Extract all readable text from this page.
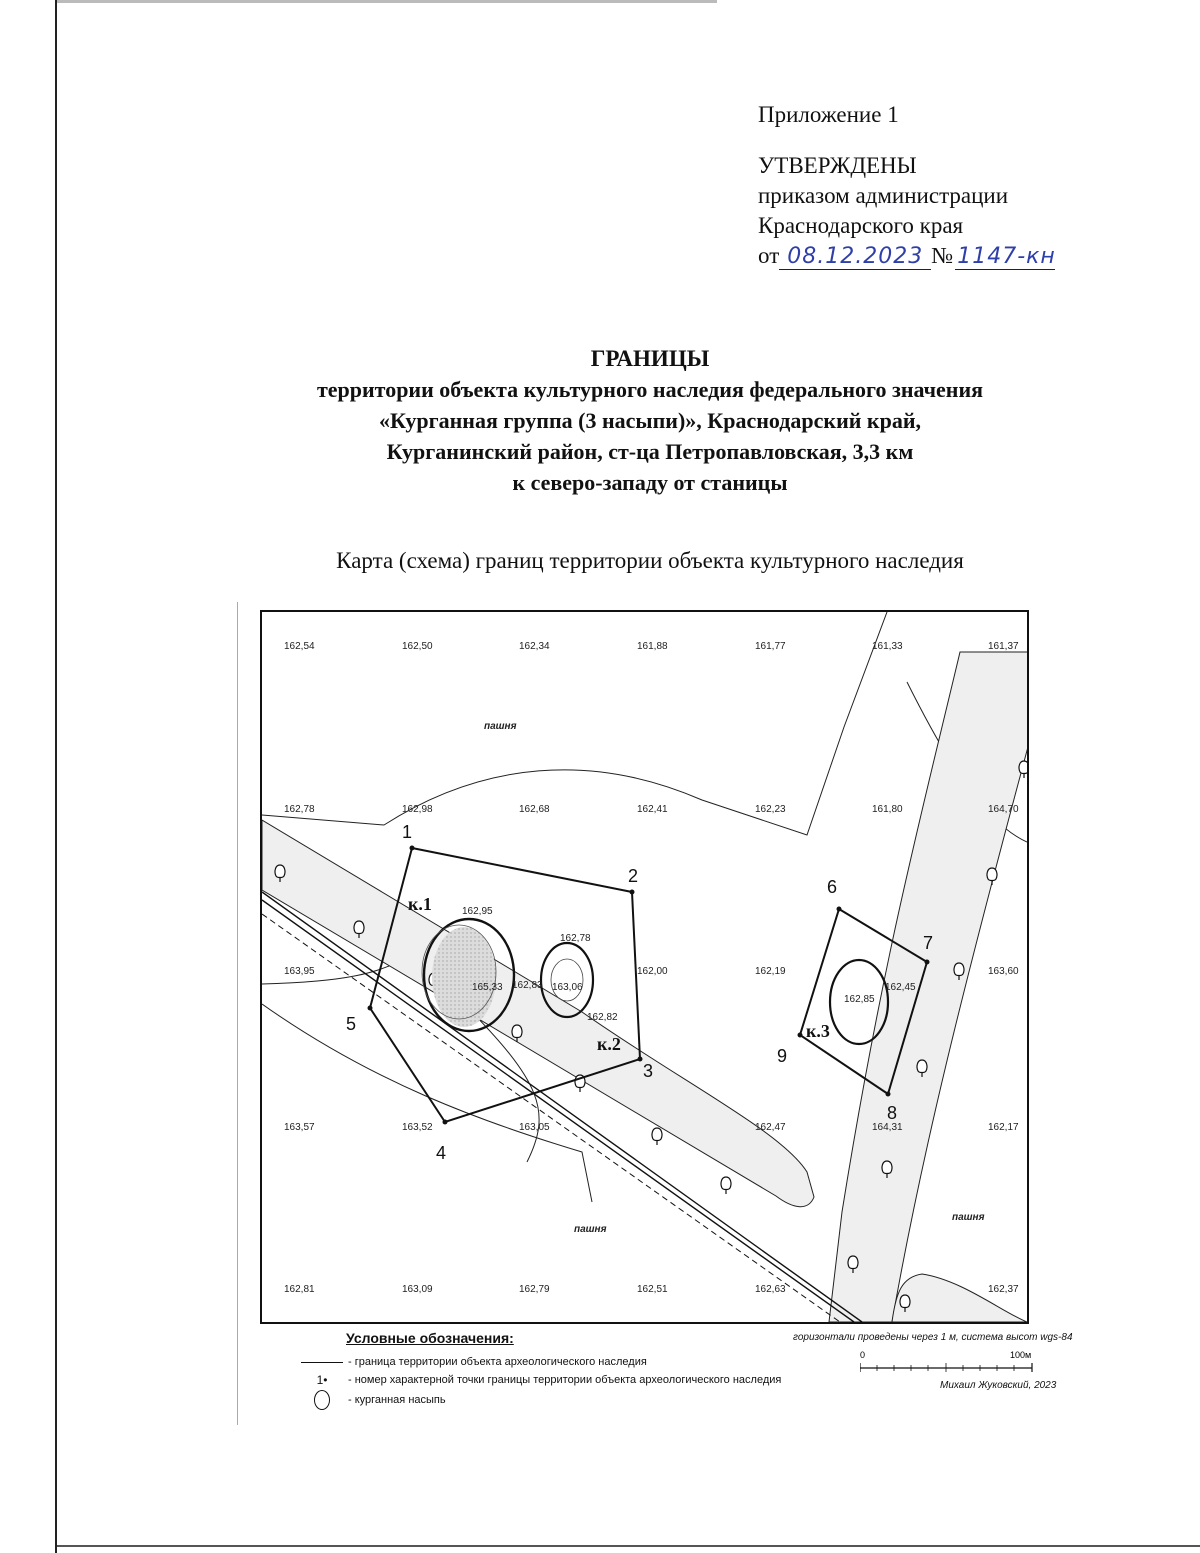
Приложение 1
УТВЕРЖДЕНЫ
приказом администрации
Краснодарского края
от 08.12.2023 № 1147-кн
ГРАНИЦЫ
территории объекта культурного наследия федерального значения
«Курганная группа (3 насыпи)», Краснодарский край,
Курганинский район, ст-ца Петропавловская, 3,3 км
к северо-западу от станицы
Карта (схема) границ территории объекта культурного наследия
162,54	162,50	162,34	161,88	161,77	161,33	161,37
162,78	162,98	162,68	162,41	162,23	161,80	164,70
163,95	162,00	162,19	163,60
163,57	163,52	163,05	162,47	164,31	162,17
162,81	163,09	162,79	162,51	162,63	162,37
162,95
165,33 162,83
162,78
163,06
162,82
162,85
162,45
пашня
пашня
пашня
к.1
к.2
к.3
1
2
3
4
5
6
7
8
9
Условные обозначения:
- граница территории объекта археологического наследия
1•	- номер характерной точки границы территории объекта археологического наследия
- курганная насыпь
горизонтали проведены через 1 м, система высот wgs-84
0	100м
Михаил Жуковский, 2023
